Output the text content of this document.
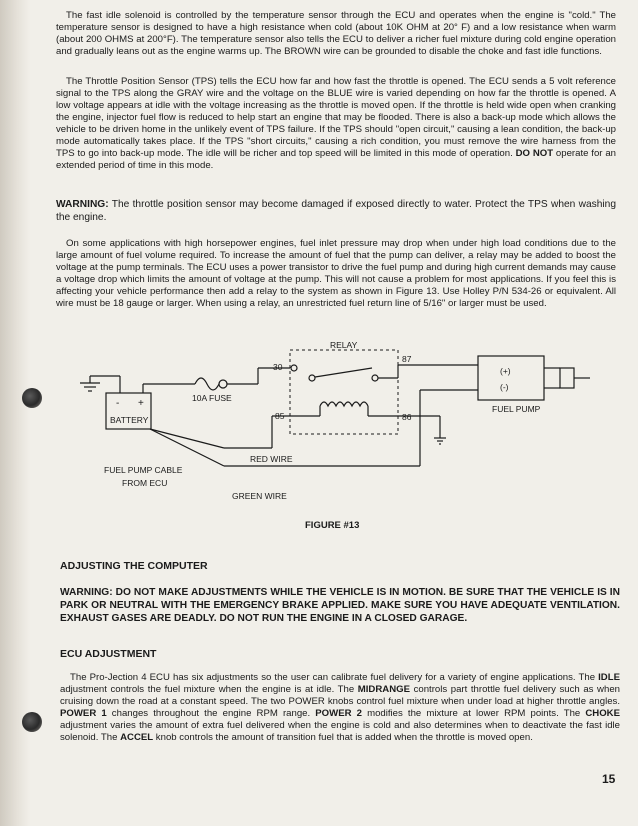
The fast idle solenoid is controlled by the temperature sensor through the ECU and operates when the engine is "cold." The temperature sensor is designed to have a high resistance when cold (about 10K OHM at 20° F) and a low resistance when warm (about 200 OHMS at 200°F). The temperature sensor also tells the ECU to deliver a richer fuel mixture during cold engine operation and gradually leans out as the engine warms up. The BROWN wire can be grounded to disable the choke and fast idle functions.

The Throttle Position Sensor (TPS) tells the ECU how far and how fast the throttle is opened. The ECU sends a 5 volt reference signal to the TPS along the GRAY wire and the voltage on the BLUE wire is varied depending on how far the throttle is opened. A low voltage appears at idle with the voltage increasing as the throttle is moved open. If the throttle is held wide open when cranking the engine, injector fuel flow is reduced to help start an engine that may be flooded. There is also a back-up mode which allows the vehicle to be driven home in the unlikely event of TPS failure. If the TPS should "open circuit," causing a lean condition, the back-up mode automatically takes place. If the TPS "short circuits," causing a rich condition, you must remove the wire harness from the TPS to go into back-up mode. The idle will be richer and top speed will be limited in this mode of operation. DO NOT operate for an extended period of time in this mode.

WARNING: The throttle position sensor may become damaged if exposed directly to water. Protect the TPS when washing the engine.

On some applications with high horsepower engines, fuel inlet pressure may drop when under high load conditions due to the large amount of fuel volume required. To increase the amount of fuel that the pump can deliver, a relay may be added to boost the voltage at the pump terminals. The ECU uses a power transistor to drive the fuel pump and during high current demands may cause a voltage drop which limits the amount of voltage at the pump. This will not cause a problem for most applications. If you feel this is affecting your vehicle performance then add a relay to the system as shown in Figure 13. Use Holley P/N 534-26 or equivalent. All wire must be 18 gauge or larger. When using a relay, an unrestricted fuel return line of 5/16" or larger must be used.

RELAY
30
87
85	86
10A FUSE
BATTERY
- +
(+)
(-)
FUEL PUMP
RED WIRE
GREEN WIRE
FUEL PUMP CABLE
FROM ECU
FIGURE #13
ADJUSTING THE COMPUTER

WARNING: DO NOT MAKE ADJUSTMENTS WHILE THE VEHICLE IS IN MOTION. BE SURE THAT THE VEHICLE IS IN PARK OR NEUTRAL WITH THE EMERGENCY BRAKE APPLIED. MAKE SURE YOU HAVE ADEQUATE VENTILATION. EXHAUST GASES ARE DEADLY. DO NOT RUN THE ENGINE IN A CLOSED GARAGE.

ECU ADJUSTMENT

The Pro-Jection 4 ECU has six adjustments so the user can calibrate fuel delivery for a variety of engine applications. The IDLE adjustment controls the fuel mixture when the engine is at idle. The MIDRANGE controls part throttle fuel delivery such as when cruising down the road at a constant speed. The two POWER knobs control fuel mixture when under load at higher throttle angles. POWER 1 changes throughout the engine RPM range. POWER 2 modifies the mixture at lower RPM points. The CHOKE adjustment varies the amount of extra fuel delivered when the engine is cold and also determines when to deactivate the fast idle solenoid. The ACCEL knob controls the amount of transition fuel that is added when the throttle is moved open.

15
